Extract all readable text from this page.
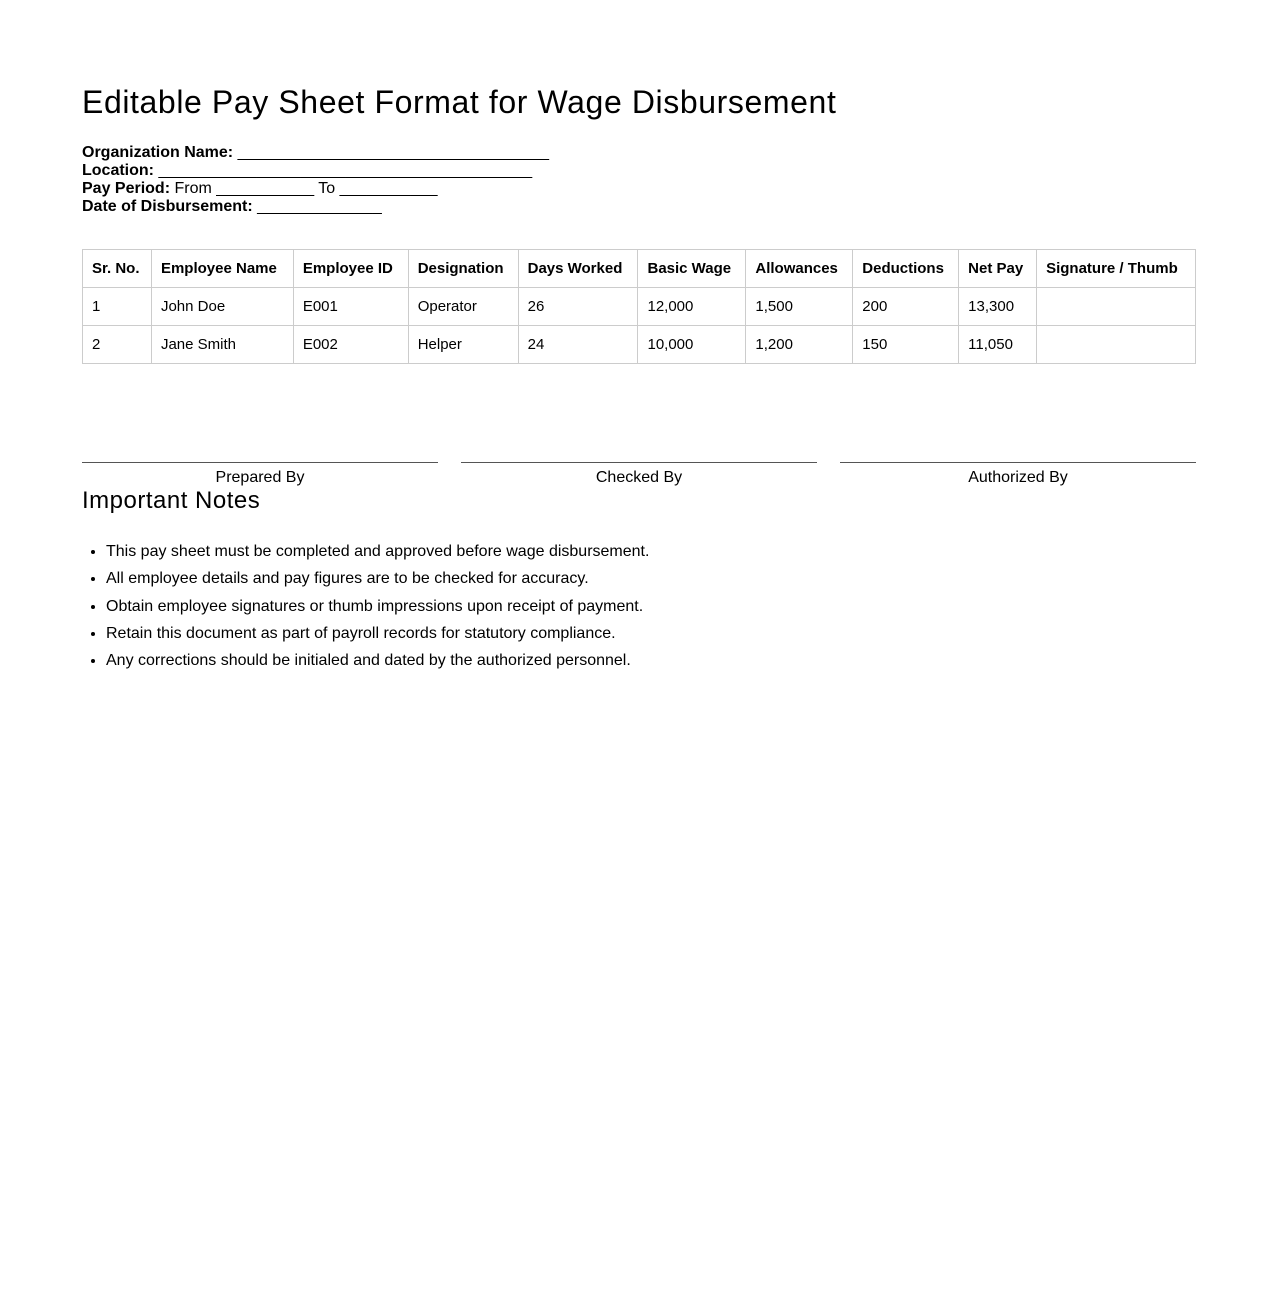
Editable Pay Sheet Format for Wage Disbursement
Organization Name: ___________________________________
Location: __________________________________________
Pay Period: From ___________ To ___________
Date of Disbursement: ______________
Sr. No.	Employee Name	Employee ID	Designation	Days Worked	Basic Wage	Allowances	Deductions	Net Pay	Signature / Thumb
1	John Doe	E001	Operator	26	12,000	1,500	200	13,300	
2	Jane Smith	E002	Helper	24	10,000	1,200	150	11,050	
Prepared By	Checked By	Authorized By
Important Notes
• This pay sheet must be completed and approved before wage disbursement.
• All employee details and pay figures are to be checked for accuracy.
• Obtain employee signatures or thumb impressions upon receipt of payment.
• Retain this document as part of payroll records for statutory compliance.
• Any corrections should be initialed and dated by the authorized personnel.
